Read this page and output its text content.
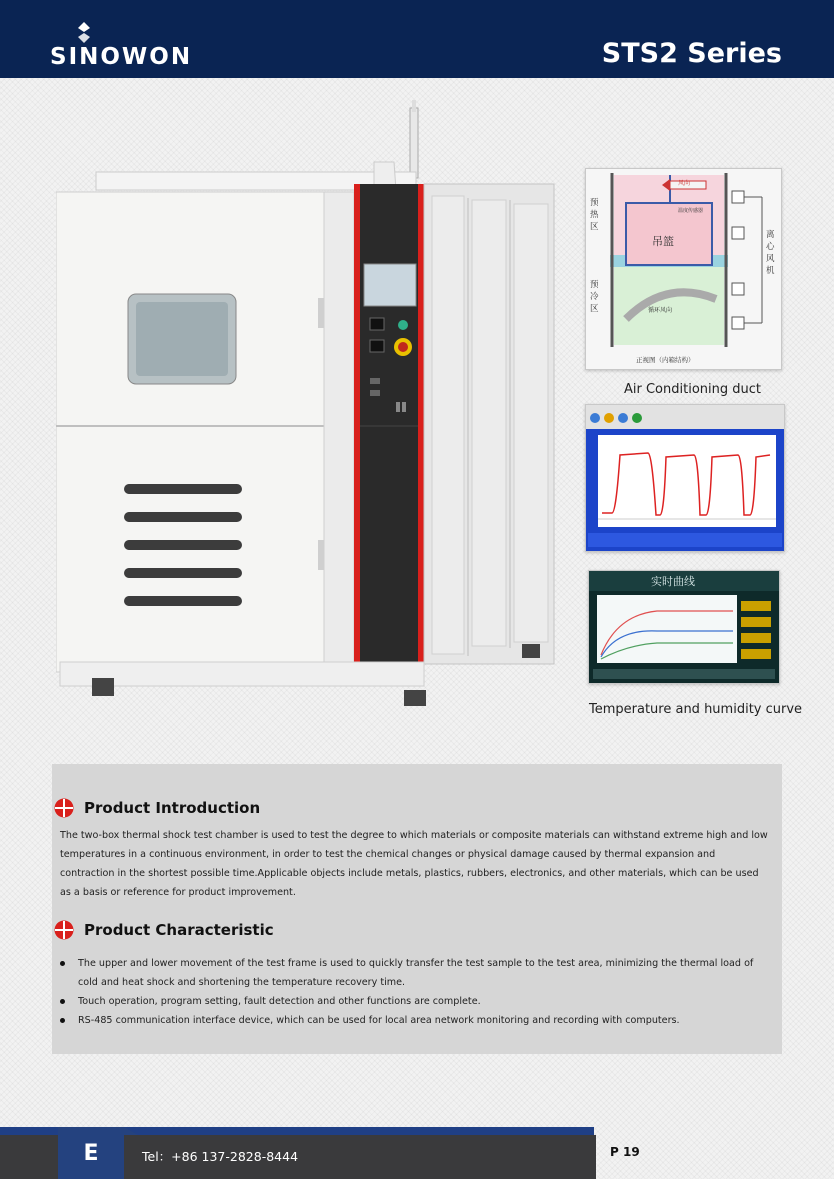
SINOWON	STS2 Series
预热区
预冷区
离心风机
吊篮
风向
循环风向
温度传感器
正视图（内箱结构）
Air Conditioning duct
实时曲线
Temperature and humidity curve
Product Introduction
The two-box thermal shock test chamber is used to test the degree to which materials or composite materials can withstand extreme high and low temperatures in a continuous environment, in order to test the chemical changes or physical damage caused by thermal expansion and contraction in the shortest possible time.Applicable objects include metals, plastics, rubbers, electronics, and other materials, which can be used as a basis or reference for product improvement.
Product Characteristic
The upper and lower movement of the test frame is used to quickly transfer the test sample to the test area, minimizing the thermal load of cold and heat shock and shortening the temperature recovery time.
Touch operation, program setting, fault detection and other functions are complete.
RS-485 communication interface device, which can be used for local area network monitoring and recording with computers.
E	Tel：+86 137-2828-8444	P 19
